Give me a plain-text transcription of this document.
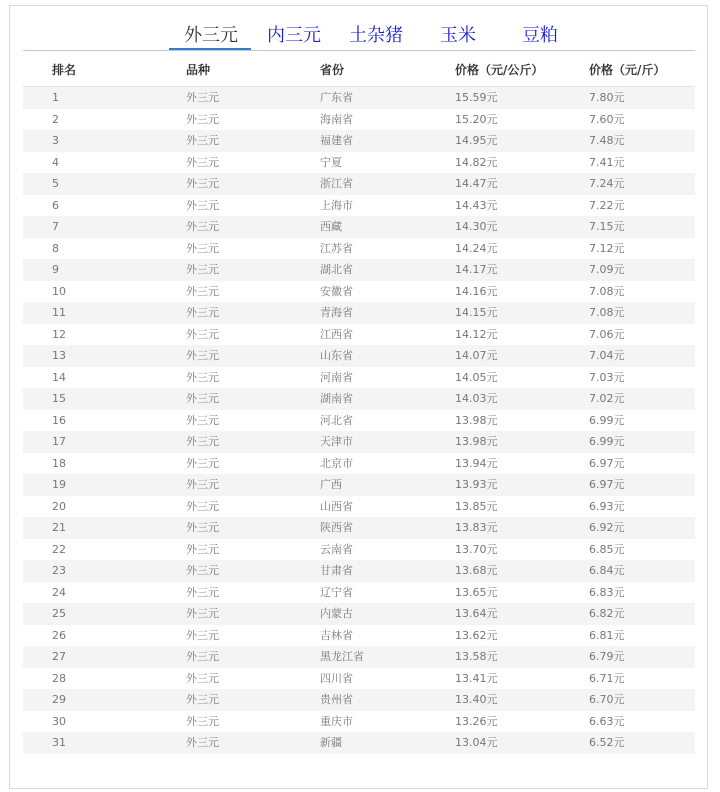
外三元 内三元 土杂猪 玉米	豆粕
排名	品种	省份	价格（元/公斤）	价格（元/斤）
1	外三元	广东省	15.59元	7.80元
2	外三元	海南省	15.20元	7.60元
3	外三元	福建省	14.95元	7.48元
4	外三元	宁夏	14.82元	7.41元
5	外三元	浙江省	14.47元	7.24元
6	外三元	上海市	14.43元	7.22元
7	外三元	西藏	14.30元	7.15元
8	外三元	江苏省	14.24元	7.12元
9	外三元	湖北省	14.17元	7.09元
10	外三元	安徽省	14.16元	7.08元
11	外三元	青海省	14.15元	7.08元
12	外三元	江西省	14.12元	7.06元
13	外三元	山东省	14.07元	7.04元
14	外三元	河南省	14.05元	7.03元
15	外三元	湖南省	14.03元	7.02元
16	外三元	河北省	13.98元	6.99元
17	外三元	天津市	13.98元	6.99元
18	外三元	北京市	13.94元	6.97元
19	外三元	广西	13.93元	6.97元
20	外三元	山西省	13.85元	6.93元
21	外三元	陕西省	13.83元	6.92元
22	外三元	云南省	13.70元	6.85元
23	外三元	甘肃省	13.68元	6.84元
24	外三元	辽宁省	13.65元	6.83元
25	外三元	内蒙古	13.64元	6.82元
26	外三元	吉林省	13.62元	6.81元
27	外三元	黑龙江省	13.58元	6.79元
28	外三元	四川省	13.41元	6.71元
29	外三元	贵州省	13.40元	6.70元
30	外三元	重庆市	13.26元	6.63元
31	外三元	新疆	13.04元	6.52元
